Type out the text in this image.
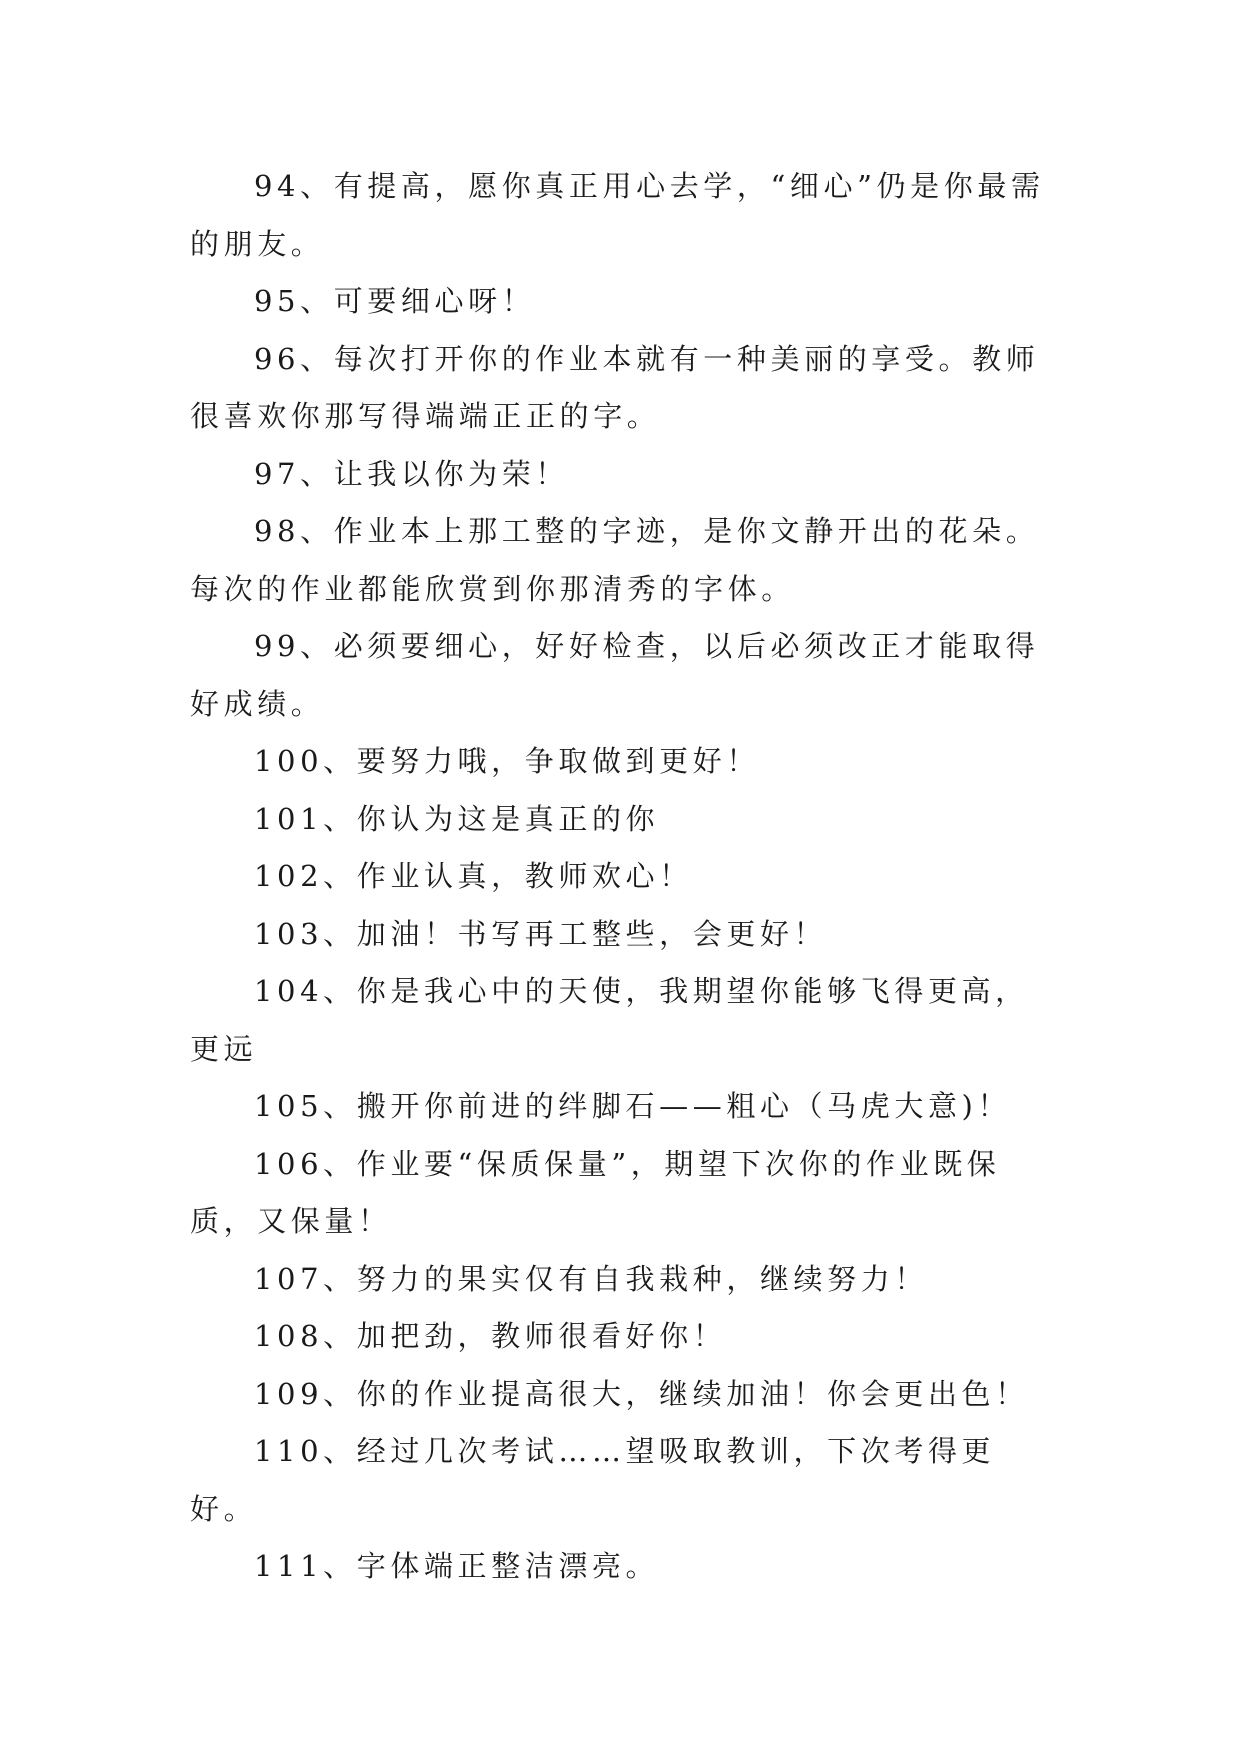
94、有提高，愿你真正用心去学，“细心”仍是你最需的朋友。

95、可要细心呀！

96、每次打开你的作业本就有一种美丽的享受。教师很喜欢你那写得端端正正的字。

97、让我以你为荣！

98、作业本上那工整的字迹，是你文静开出的花朵。每次的作业都能欣赏到你那清秀的字体。

99、必须要细心，好好检查，以后必须改正才能取得好成绩。

100、要努力哦，争取做到更好！

101、你认为这是真正的你

102、作业认真，教师欢心！

103、加油！书写再工整些，会更好！

104、你是我心中的天使，我期望你能够飞得更高，更远

105、搬开你前进的绊脚石——粗心（马虎大意)！

106、作业要“保质保量”，期望下次你的作业既保质，又保量！

107、努力的果实仅有自我栽种，继续努力！

108、加把劲，教师很看好你！

109、你的作业提高很大，继续加油！你会更出色！

110、经过几次考试……望吸取教训，下次考得更好。

111、字体端正整洁漂亮。
